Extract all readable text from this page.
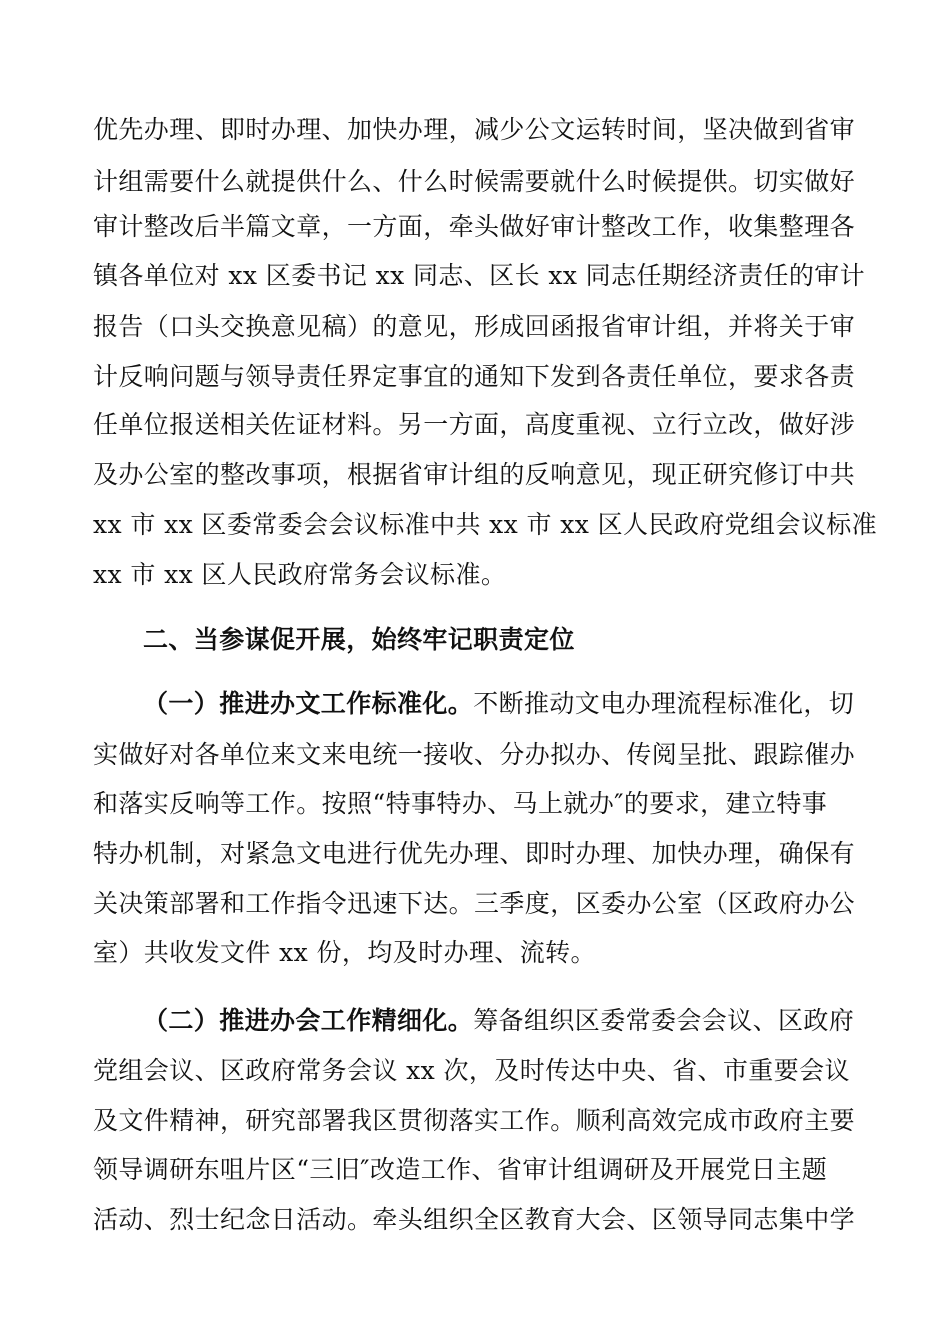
优先办理、即时办理、加快办理，减少公文运转时间，坚决做到省审
计组需要什么就提供什么、什么时候需要就什么时候提供。切实做好
审计整改后半篇文章，一方面，牵头做好审计整改工作，收集整理各
镇各单位对 xx 区委书记 xx 同志、区长 xx 同志任期经济责任的审计
报告（口头交换意见稿）的意见，形成回函报省审计组，并将关于审
计反响问题与领导责任界定事宜的通知下发到各责任单位，要求各责
任单位报送相关佐证材料。另一方面，高度重视、立行立改，做好涉
及办公室的整改事项，根据省审计组的反响意见，现正研究修订中共
xx 市 xx 区委常委会会议标准中共 xx 市 xx 区人民政府党组会议标准
xx 市 xx 区人民政府常务会议标准。
二、当参谋促开展，始终牢记职责定位
（一）推进办文工作标准化。不断推动文电办理流程标准化，切
实做好对各单位来文来电统一接收、分办拟办、传阅呈批、跟踪催办
和落实反响等工作。按照“特事特办、马上就办″的要求，建立特事
特办机制，对紧急文电进行优先办理、即时办理、加快办理，确保有
关决策部署和工作指令迅速下达。三季度，区委办公室（区政府办公
室）共收发文件 xx 份，均及时办理、流转。
（二）推进办会工作精细化。筹备组织区委常委会会议、区政府
党组会议、区政府常务会议 xx 次，及时传达中央、省、市重要会议
及文件精神，研究部署我区贯彻落实工作。顺利高效完成市政府主要
领导调研东咀片区“三旧″改造工作、省审计组调研及开展党日主题
活动、烈士纪念日活动。牵头组织全区教育大会、区领导同志集中学
